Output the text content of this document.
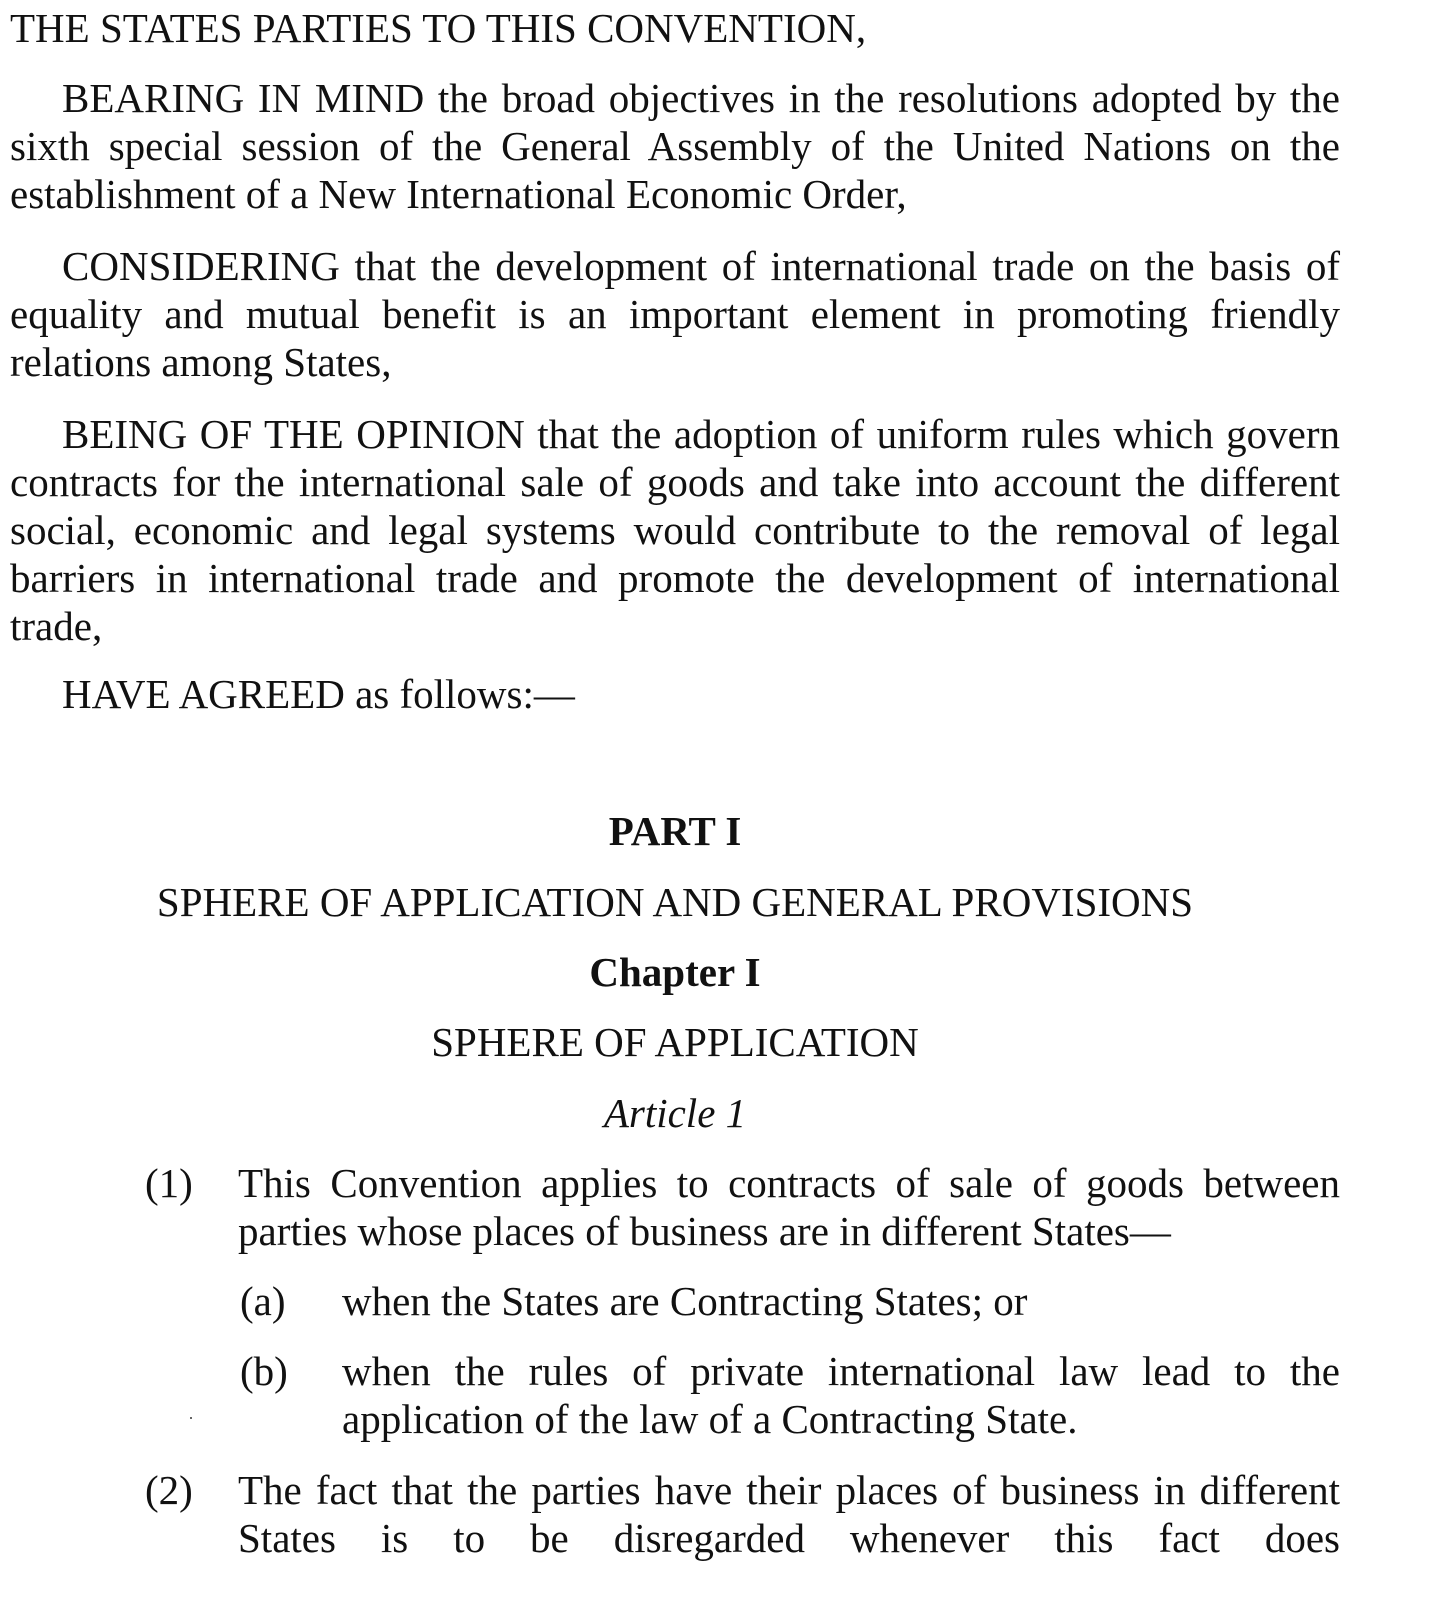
THE STATES PARTIES TO THIS CONVENTION,
BEARING IN MIND the broad objectives in the resolutions adopted by the sixth special session of the General Assembly of the United Nations on the establishment of a New International Economic Order,
CONSIDERING that the development of international trade on the basis of equality and mutual benefit is an important element in promoting friendly relations among States,
BEING OF THE OPINION that the adoption of uniform rules which govern contracts for the international sale of goods and take into account the different social, economic and legal systems would contribute to the removal of legal barriers in international trade and promote the development of international trade,
HAVE AGREED as follows:—
PART I
SPHERE OF APPLICATION AND GENERAL PROVISIONS
Chapter I
SPHERE OF APPLICATION
Article 1
(1)	This Convention applies to contracts of sale of goods between parties whose places of business are in different States—
(a)	when the States are Contracting States; or
(b)	when the rules of private international law lead to the application of the law of a Contracting State.
(2)	The fact that the parties have their places of business in different States is to be disregarded whenever this fact does
